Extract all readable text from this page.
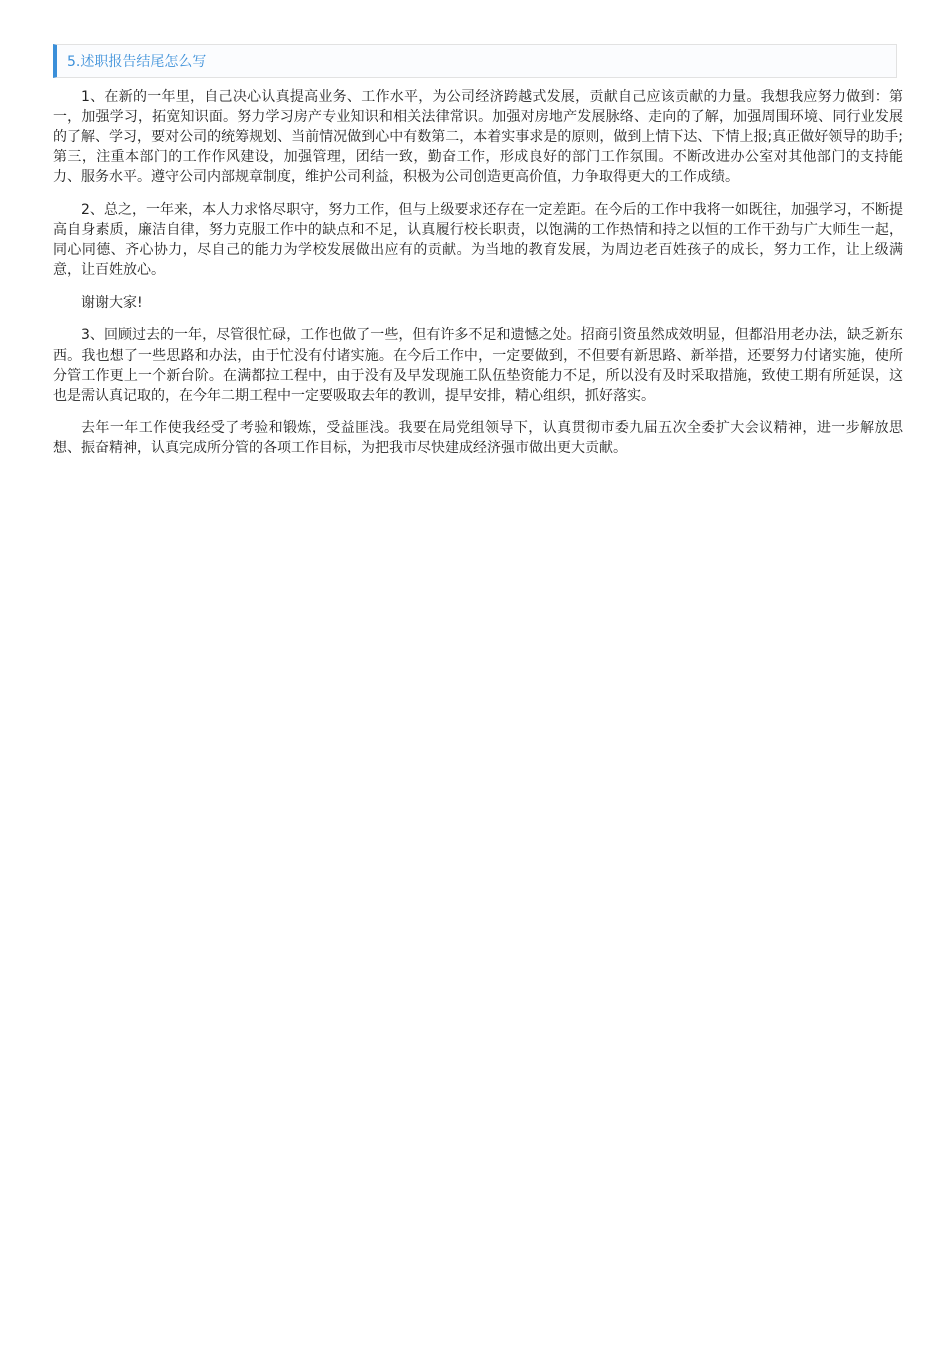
5.述职报告结尾怎么写

1、在新的一年里，自己决心认真提高业务、工作水平，为公司经济跨越式发展，贡献自己应该贡献的力量。我想我应努力做到：第一，加强学习，拓宽知识面。努力学习房产专业知识和相关法律常识。加强对房地产发展脉络、走向的了解，加强周围环境、同行业发展的了解、学习，要对公司的统筹规划、当前情况做到心中有数第二，本着实事求是的原则，做到上情下达、下情上报;真正做好领导的助手;第三，注重本部门的工作作风建设，加强管理，团结一致，勤奋工作，形成良好的部门工作氛围。不断改进办公室对其他部门的支持能力、服务水平。遵守公司内部规章制度，维护公司利益，积极为公司创造更高价值，力争取得更大的工作成绩。

2、总之，一年来，本人力求恪尽职守，努力工作，但与上级要求还存在一定差距。在今后的工作中我将一如既往，加强学习，不断提高自身素质，廉洁自律，努力克服工作中的缺点和不足，认真履行校长职责，以饱满的工作热情和持之以恒的工作干劲与广大师生一起，同心同德、齐心协力，尽自己的能力为学校发展做出应有的贡献。为当地的教育发展，为周边老百姓孩子的成长，努力工作，让上级满意，让百姓放心。

谢谢大家!

3、回顾过去的一年，尽管很忙碌，工作也做了一些，但有许多不足和遗憾之处。招商引资虽然成效明显，但都沿用老办法，缺乏新东西。我也想了一些思路和办法，由于忙没有付诸实施。在今后工作中，一定要做到，不但要有新思路、新举措，还要努力付诸实施，使所分管工作更上一个新台阶。在满都拉工程中，由于没有及早发现施工队伍垫资能力不足，所以没有及时采取措施，致使工期有所延误，这也是需认真记取的，在今年二期工程中一定要吸取去年的教训，提早安排，精心组织，抓好落实。

去年一年工作使我经受了考验和锻炼，受益匪浅。我要在局党组领导下，认真贯彻市委九届五次全委扩大会议精神，进一步解放思想、振奋精神，认真完成所分管的各项工作目标，为把我市尽快建成经济强市做出更大贡献。
